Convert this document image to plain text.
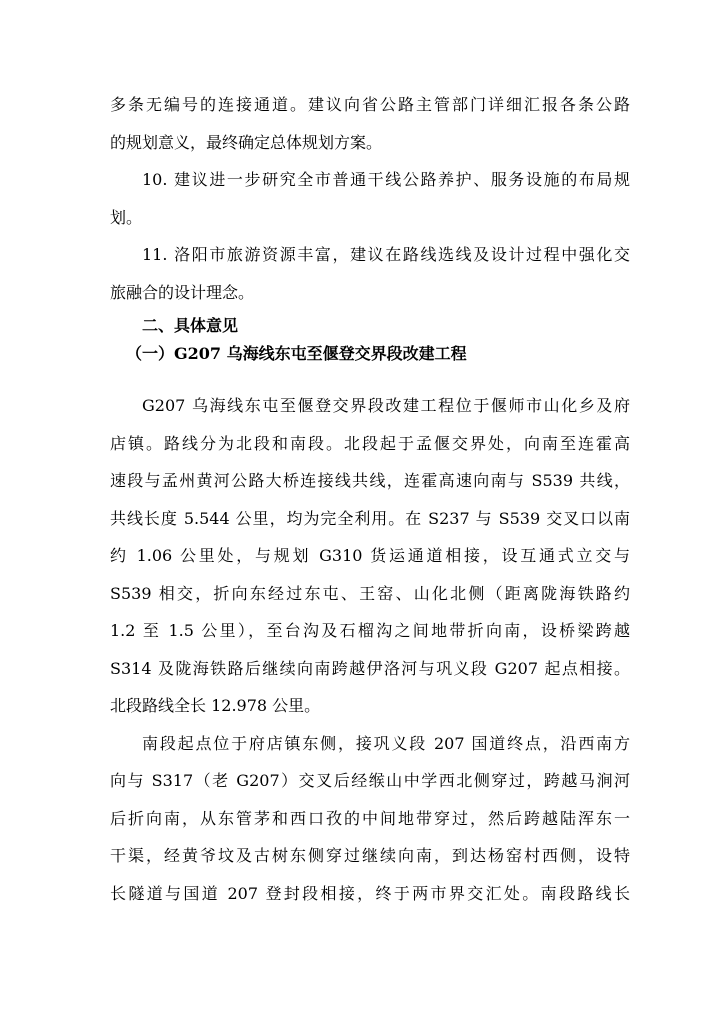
多条无编号的连接通道。建议向省公路主管部门详细汇报各条公路
的规划意义，最终确定总体规划方案。
10. 建议进一步研究全市普通干线公路养护、服务设施的布局规
划。
11. 洛阳市旅游资源丰富，建议在路线选线及设计过程中强化交
旅融合的设计理念。
二、具体意见
（一）G207 乌海线东屯至偃登交界段改建工程
G207 乌海线东屯至偃登交界段改建工程位于偃师市山化乡及府
店镇。路线分为北段和南段。北段起于孟偃交界处，向南至连霍高
速段与孟州黄河公路大桥连接线共线，连霍高速向南与 S539 共线，
共线长度 5.544 公里，均为完全利用。在 S237 与 S539 交叉口以南
约 1.06 公里处，与规划 G310 货运通道相接，设互通式立交与
S539 相交，折向东经过东屯、王窑、山化北侧（距离陇海铁路约
1.2 至 1.5 公里），至台沟及石榴沟之间地带折向南，设桥梁跨越
S314 及陇海铁路后继续向南跨越伊洛河与巩义段 G207 起点相接。
北段路线全长 12.978 公里。
南段起点位于府店镇东侧，接巩义段 207 国道终点，沿西南方
向与 S317（老 G207）交叉后经缑山中学西北侧穿过，跨越马涧河
后折向南，从东管茅和西口孜的中间地带穿过，然后跨越陆浑东一
干渠，经黄爷坟及古树东侧穿过继续向南，到达杨窑村西侧，设特
长隧道与国道 207 登封段相接，终于两市界交汇处。南段路线长
